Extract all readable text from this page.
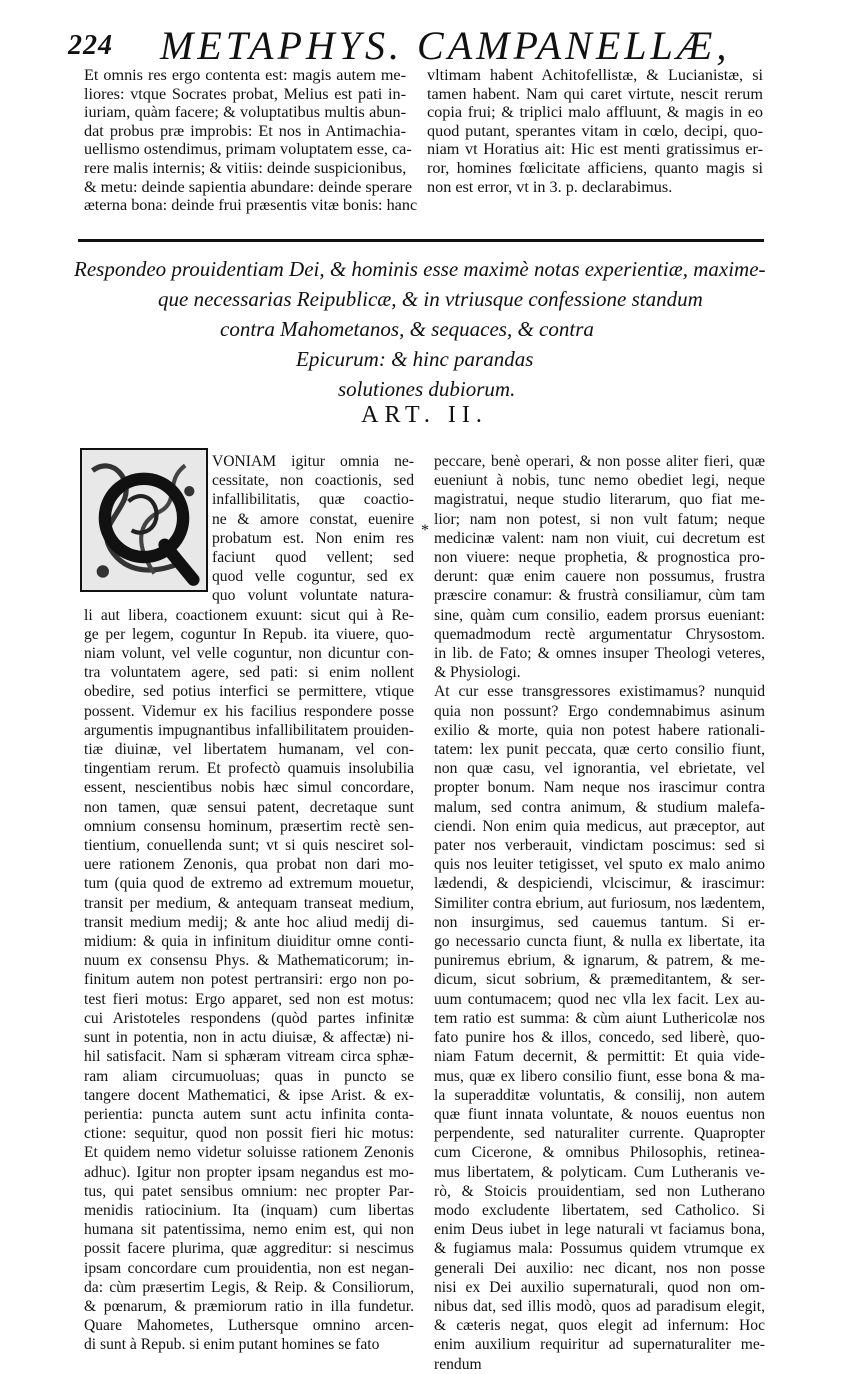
224 METAPHYS. CAMPANELLÆ,
Et omnis res ergo contenta est: magis autem me-
liores: vtque Socrates probat, Melius est pati in-
iuriam, quàm facere; & voluptatibus multis abun-
dat probus præ improbis: Et nos in Antimachia-
uellismo ostendimus, primam voluptatem esse, ca-
rere malis internis; & vitiis: deinde suspicionibus,
& metu: deinde sapientia abundare: deinde sperare
æterna bona: deinde frui præsentis vitæ bonis: hanc
vltimam habent Achitofellistæ, & Lucianistæ, si
tamen habent. Nam qui caret virtute, nescit rerum
copia frui; & triplici malo affluunt, & magis in eo
quod putant, sperantes vitam in cœlo, decipi, quo-
niam vt Horatius ait: Hic est menti gratissimus er-
ror, homines fœlicitate afficiens, quanto magis si
non est error, vt in 3. p. declarabimus.
Respondeo prouidentiam Dei, & hominis esse maximè notas experientiæ, maxime-
que necessarias Reipublicæ, & in vtriusque confessione standum
contra Mahometanos, & sequaces, & contra
Epicurum: & hinc parandas
solutiones dubiorum.
ART. II.
*
VONIAM igitur omnia ne-
cessitate, non coactionis, sed
infallibilitatis, quæ coactio-
ne & amore constat, euenire
probatum est. Non enim res
faciunt quod vellent; sed
quod velle coguntur, sed ex
quo volunt voluntate natura-
li aut libera, coactionem exuunt: sicut qui à Re-
ge per legem, coguntur In Repub. ita viuere, quo-
niam volunt, vel velle coguntur, non dicuntur con-
tra voluntatem agere, sed pati: si enim nollent
obedire, sed potius interfici se permittere, vtique
possent. Videmur ex his facilius respondere posse
argumentis impugnantibus infallibilitatem prouiden-
tiæ diuinæ, vel libertatem humanam, vel con-
tingentiam rerum. Et profectò quamuis insolubilia
essent, nescientibus nobis hæc simul concordare,
non tamen, quæ sensui patent, decretaque sunt
omnium consensu hominum, præsertim rectè sen-
tientium, conuellenda sunt; vt si quis nesciret sol-
uere rationem Zenonis, qua probat non dari mo-
tum (quia quod de extremo ad extremum mouetur,
transit per medium, & antequam transeat medium,
transit medium medij; & ante hoc aliud medij di-
midium: & quia in infinitum diuiditur omne conti-
nuum ex consensu Phys. & Mathematicorum; in-
finitum autem non potest pertransiri: ergo non po-
test fieri motus: Ergo apparet, sed non est motus:
cui Aristoteles respondens (quòd partes infinitæ
sunt in potentia, non in actu diuisæ, & affectæ) ni-
hil satisfacit. Nam si sphæram vitream circa sphæ-
ram aliam circumuoluas; quas in puncto se
tangere docent Mathematici, & ipse Arist. & ex-
perientia: puncta autem sunt actu infinita conta-
ctione: sequitur, quod non possit fieri hic motus:
Et quidem nemo videtur soluisse rationem Zenonis
adhuc). Igitur non propter ipsam negandus est mo-
tus, qui patet sensibus omnium: nec propter Par-
menidis ratiocinium. Ita (inquam) cum libertas
humana sit patentissima, nemo enim est, qui non
possit facere plurima, quæ aggreditur: si nescimus
ipsam concordare cum prouidentia, non est negan-
da: cùm præsertim Legis, & Reip. & Consiliorum,
& pœnarum, & præmiorum ratio in illa fundetur.
Quare Mahometes, Luthersque omnino arcen-
di sunt à Repub. si enim putant homines se fato
peccare, benè operari, & non posse aliter fieri, quæ
eueniunt à nobis, tunc nemo obediet legi, neque
magistratui, neque studio literarum, quo fiat me-
lior; nam non potest, si non vult fatum; neque
medicinæ valent: nam non viuit, cui decretum est
non viuere: neque prophetia, & prognostica pro-
derunt: quæ enim cauere non possumus, frustra
præscire conamur: & frustrà consiliamur, cùm tam
sine, quàm cum consilio, eadem prorsus eueniant:
quemadmodum rectè argumentatur Chrysostom.
in lib. de Fato; & omnes insuper Theologi veteres,
& Physiologi.
At cur esse transgressores existimamus? nunquid
quia non possunt? Ergo condemnabimus asinum
exilio & morte, quia non potest habere rationali-
tatem: lex punit peccata, quæ certo consilio fiunt,
non quæ casu, vel ignorantia, vel ebrietate, vel
propter bonum. Nam neque nos irascimur contra
malum, sed contra animum, & studium malefa-
ciendi. Non enim quia medicus, aut præceptor, aut
pater nos verberauit, vindictam poscimus: sed si
quis nos leuiter tetigisset, vel sputo ex malo animo
lædendi, & despiciendi, vlciscimur, & irascimur:
Similiter contra ebrium, aut furiosum, nos lædentem,
non insurgimus, sed cauemus tantum. Si er-
go necessario cuncta fiunt, & nulla ex libertate, ita
puniremus ebrium, & ignarum, & patrem, & me-
dicum, sicut sobrium, & præmeditantem, & ser-
uum contumacem; quod nec vlla lex facit. Lex au-
tem ratio est summa: & cùm aiunt Luthericolæ nos
fato punire hos & illos, concedo, sed liberè, quo-
niam Fatum decernit, & permittit: Et quia vide-
mus, quæ ex libero consilio fiunt, esse bona & ma-
la superadditæ voluntatis, & consilij, non autem
quæ fiunt innata voluntate, & nouos euentus non
perpendente, sed naturaliter currente. Quapropter
cum Cicerone, & omnibus Philosophis, retinea-
mus libertatem, & polyticam. Cum Lutheranis ve-
rò, & Stoicis prouidentiam, sed non Lutherano
modo excludente libertatem, sed Catholico. Si
enim Deus iubet in lege naturali vt faciamus bona,
& fugiamus mala: Possumus quidem vtrumque ex
generali Dei auxilio: nec dicant, nos non posse
nisi ex Dei auxilio supernaturali, quod non om-
nibus dat, sed illis modò, quos ad paradisum elegit,
& cæteris negat, quos elegit ad infernum: Hoc
enim auxilium requiritur ad supernaturaliter me-
rendum
